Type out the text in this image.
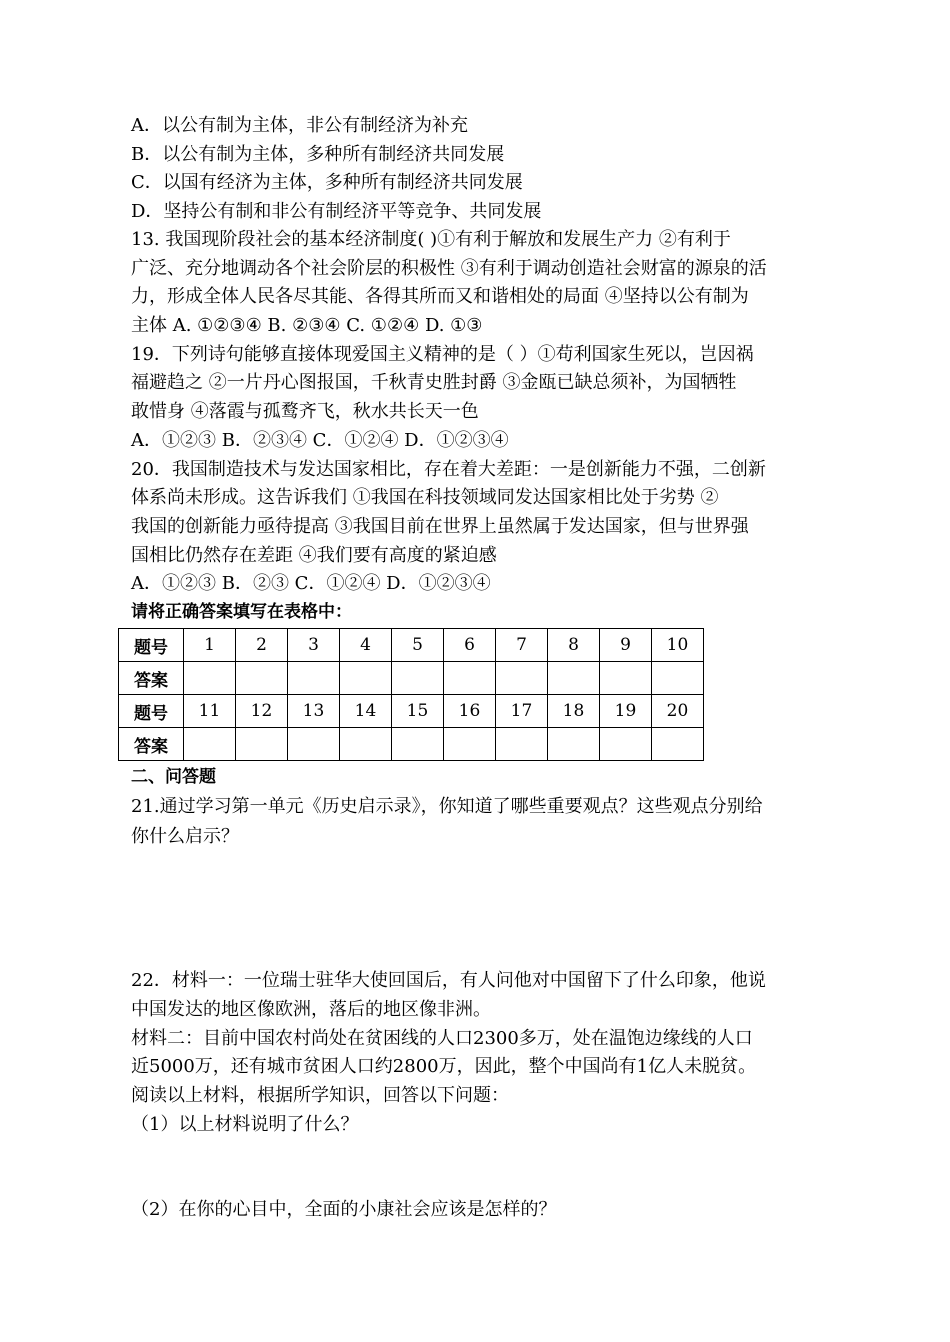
A．以公有制为主体，非公有制经济为补充
B．以公有制为主体，多种所有制经济共同发展
C．以国有经济为主体，多种所有制经济共同发展
D．坚持公有制和非公有制经济平等竞争、共同发展
13. 我国现阶段社会的基本经济制度( )①有利于解放和发展生产力 ②有利于
广泛、充分地调动各个社会阶层的积极性 ③有利于调动创造社会财富的源泉的活
力，形成全体人民各尽其能、各得其所而又和谐相处的局面 ④坚持以公有制为
主体 A. ①②③④ B. ②③④ C. ①②④ D. ①③
19．下列诗句能够直接体现爱国主义精神的是（ ）①苟利国家生死以，岂因祸
福避趋之 ②一片丹心图报国，千秋青史胜封爵 ③金瓯已缺总须补，为国牺牲
敢惜身 ④落霞与孤鹜齐飞，秋水共长天一色
A．①②③ B．②③④ C．①②④ D．①②③④
20．我国制造技术与发达国家相比，存在着大差距：一是创新能力不强，二创新
体系尚未形成。这告诉我们 ①我国在科技领域同发达国家相比处于劣势 ②
我国的创新能力亟待提高 ③我国目前在世界上虽然属于发达国家，但与世界强
国相比仍然存在差距 ④我们要有高度的紧迫感
A．①②③ B．②③ C．①②④ D．①②③④
请将正确答案填写在表格中：
题号	1	2	3	4	5	6	7	8	9	10
答案										
题号	11	12	13	14	15	16	17	18	19	20
答案										
二、问答题
21.通过学习第一单元《历史启示录》，你知道了哪些重要观点？这些观点分别给
你什么启示？
22．材料一：一位瑞士驻华大使回国后，有人问他对中国留下了什么印象，他说
中国发达的地区像欧洲，落后的地区像非洲。
材料二：目前中国农村尚处在贫困线的人口2300多万，处在温饱边缘线的人口
近5000万，还有城市贫困人口约2800万，因此，整个中国尚有1亿人未脱贫。
阅读以上材料，根据所学知识，回答以下问题：
（1）以上材料说明了什么？
（2）在你的心目中，全面的小康社会应该是怎样的？
